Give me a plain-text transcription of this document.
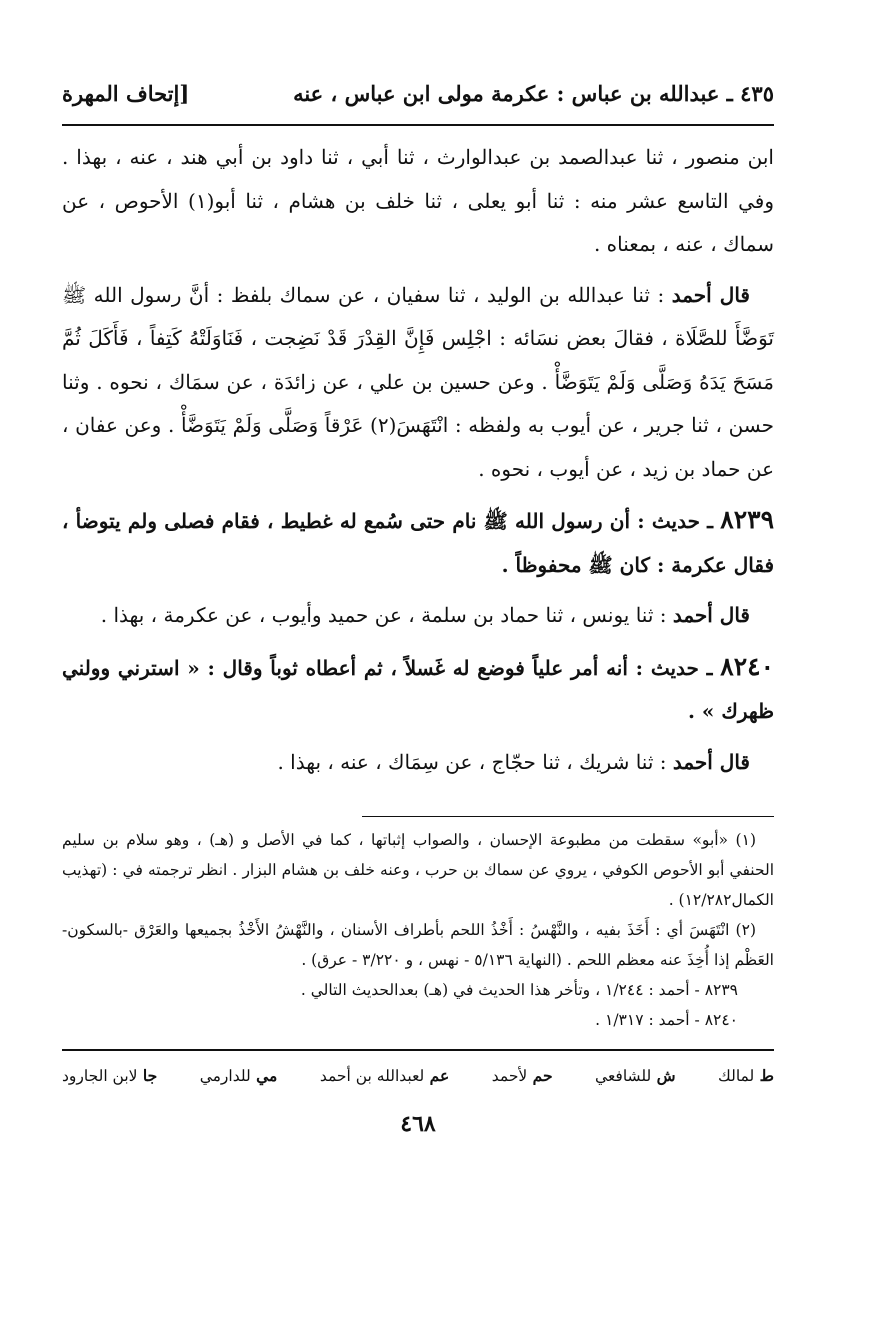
٤٣٥ ـ عبدالله بن عباس : عكرمة مولى ابن عباس ، عنه
[إتحاف المهرة

ابن منصور ، ثنا عبدالصمد بن عبدالوارث ، ثنا أبي ، ثنا داود بن أبي هند ، عنه ، بهذا . وفي التاسع عشر منه : ثنا أبو يعلى ، ثنا خلف بن هشام ، ثنا أبو(١) الأحوص ، عن سماك ، عنه ، بمعناه .

قال أحمد : ثنا عبدالله بن الوليد ، ثنا سفيان ، عن سماك بلفظ : أنَّ رسول الله ﷺ تَوَضَّأَ للصَّلَاة ، فقالَ بعض نسَائه : اجْلِس فَإِنَّ القِدْرَ قَدْ نَضِجت ، فَنَاوَلَتْهُ كَتِفاً ، فَأَكَلَ ثُمَّ مَسَحَ يَدَهُ وَصَلَّى وَلَمْ يَتَوَضَّأْ . وعن حسين بن علي ، عن زائدَة ، عن سمَاك ، نحوه . وثنا حسن ، ثنا جرير ، عن أيوب به ولفظه : انْتَهَسَ(٢) عَرْقاً وَصَلَّى وَلَمْ يَتَوَضَّأْ . وعن عفان ، عن حماد بن زيد ، عن أيوب ، نحوه .

٨٢٣٩ ـ حديث : أن رسول الله ﷺ نام حتى سُمع له غطيط ، فقام فصلى ولم يتوضأ ، فقال عكرمة : كان ﷺ محفوظاً .

قال أحمد : ثنا يونس ، ثنا حماد بن سلمة ، عن حميد وأيوب ، عن عكرمة ، بهذا .

٨٢٤٠ ـ حديث : أنه أمر علياً فوضع له غَسلاً ، ثم أعطاه ثوباً وقال : « استرني وولني ظهرك » .

قال أحمد : ثنا شريك ، ثنا حجّاج ، عن سِمَاك ، عنه ، بهذا .

(١) «أبو» سقطت من مطبوعة الإحسان ، والصواب إثباتها ، كما في الأصل و (هـ) ، وهو سلام بن سليم الحنفي أبو الأحوص الكوفي ، يروي عن سماك بن حرب ، وعنه خلف بن هشام البزار . انظر ترجمته في : (تهذيب الكمال١٢/٢٨٢) .

(٢) انْتَهَسَ أي : أَخَذَ بفيه ، والنَّهْسُ : أَخْذُ اللحم بأطراف الأسنان ، والنَّهْشُ الأَخْذُ بجميعها والعَرْق -بالسكون- العَظْم إذا أُخِذَ عنه معظم اللحم . (النهاية ٥/١٣٦ - نهس ، و ٣/٢٢٠ - عرق) .

٨٢٣٩ - أحمد : ١/٢٤٤ ، وتأخر هذا الحديث في (هـ) بعدالحديث التالي .

٨٢٤٠ - أحمد : ١/٣١٧ .

ط لمالك
ش للشافعي
حم لأحمد
عم لعبدالله بن أحمد
مي للدارمي
جا لابن الجارود
٤٦٨
